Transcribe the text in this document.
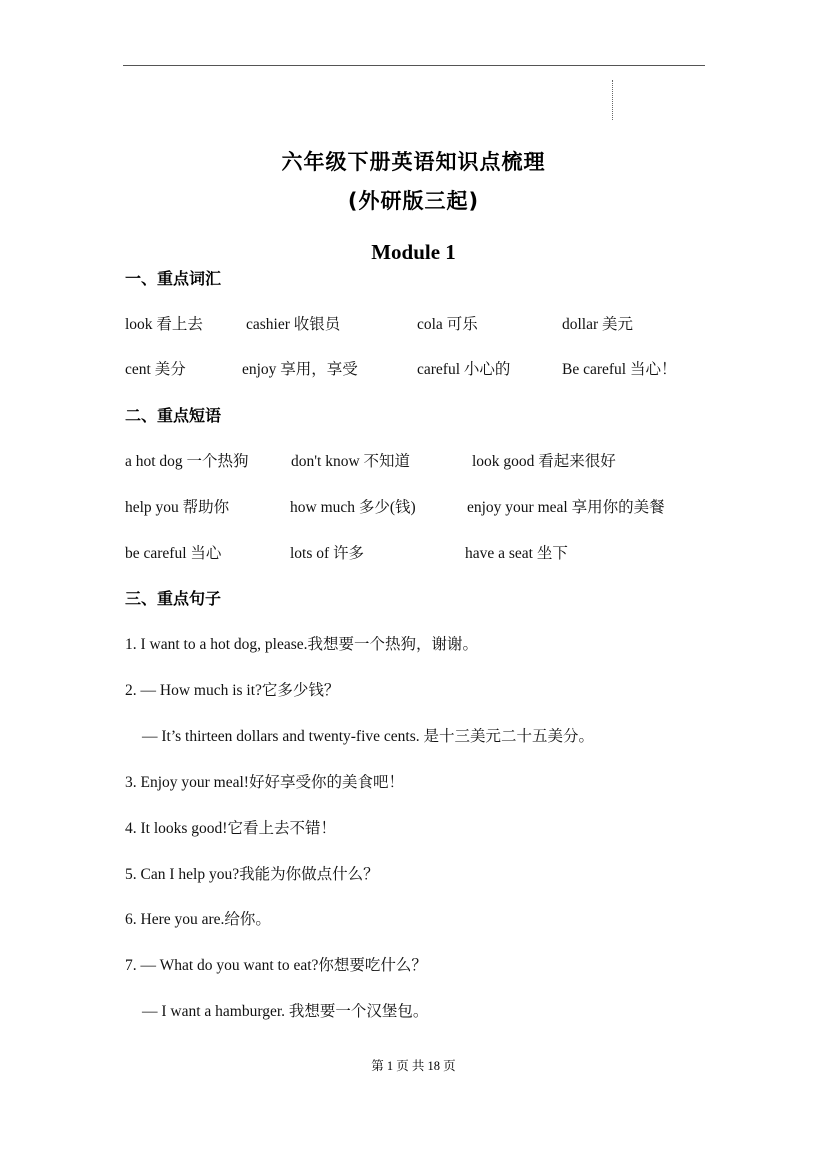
六年级下册英语知识点梳理
(外研版三起)
Module 1
一、重点词汇
look 看上去	cashier 收银员	cola 可乐	dollar 美元
cent 美分	enjoy 享用，享受	careful 小心的	Be careful 当心！
二、重点短语
a hot dog 一个热狗	don't know 不知道	look good 看起来很好
help you 帮助你	how much 多少(钱)	enjoy your meal 享用你的美餐
be careful 当心	lots of 许多	have a seat 坐下
三、重点句子
1. I want to a hot dog, please.我想要一个热狗，谢谢。
2. — How much is it?它多少钱？
— It’s thirteen dollars and twenty-five cents. 是十三美元二十五美分。
3. Enjoy your meal!好好享受你的美食吧！
4. It looks good!它看上去不错！
5. Can I help you?我能为你做点什么？
6. Here you are.给你。
7. — What do you want to eat?你想要吃什么？
— I want a hamburger. 我想要一个汉堡包。
第 1 页 共 18 页
